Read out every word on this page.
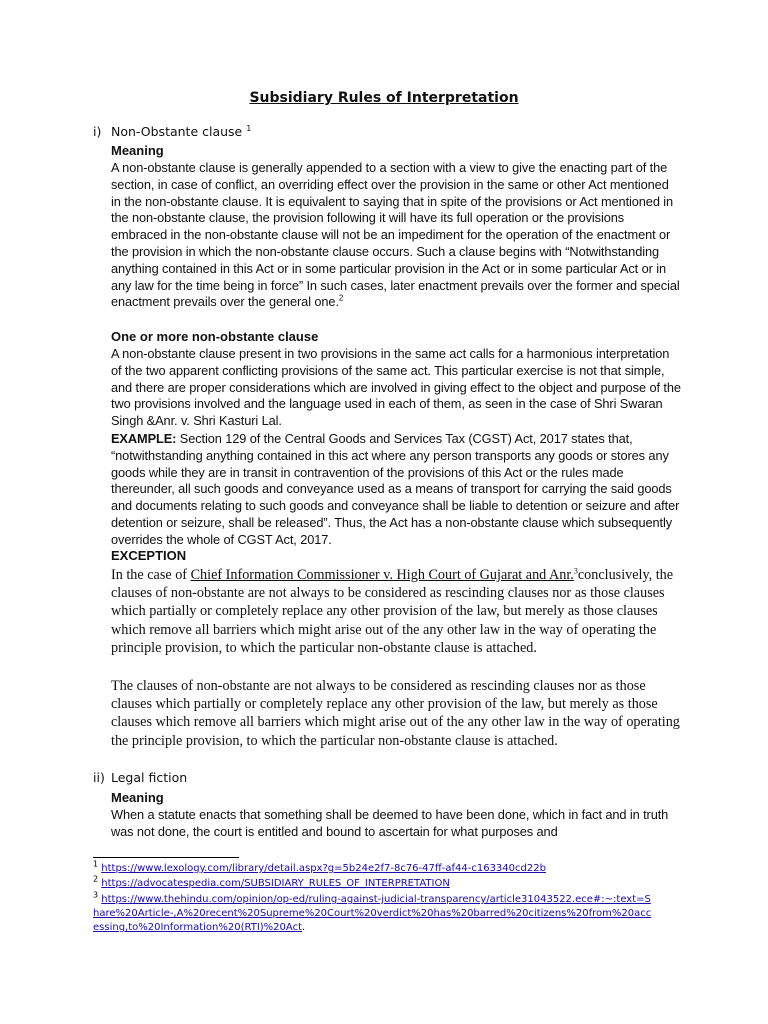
Subsidiary Rules of Interpretation
i) Non-Obstante clause $^1$
Meaning
A non-obstante clause is generally appended to a section with a view to give the enacting part of the section, in case of conflict, an overriding effect over the provision in the same or other Act mentioned in the non-obstante clause. It is equivalent to saying that in spite of the provisions or Act mentioned in the non-obstante clause, the provision following it will have its full operation or the provisions embraced in the non-obstante clause will not be an impediment for the operation of the enactment or the provision in which the non-obstante clause occurs. Such a clause begins with “Notwithstanding anything contained in this Act or in some particular provision in the Act or in some particular Act or in any law for the time being in force” In such cases, later enactment prevails over the former and special enactment prevails over the general one.$^2$
One or more non-obstante clause
A non-obstante clause present in two provisions in the same act calls for a harmonious interpretation of the two apparent conflicting provisions of the same act. This particular exercise is not that simple, and there are proper considerations which are involved in giving effect to the object and purpose of the two provisions involved and the language used in each of them, as seen in the case of Shri Swaran Singh &Anr. v. Shri Kasturi Lal.
EXAMPLE: Section 129 of the Central Goods and Services Tax (CGST) Act, 2017 states that, “notwithstanding anything contained in this act where any person transports any goods or stores any goods while they are in transit in contravention of the provisions of this Act or the rules made thereunder, all such goods and conveyance used as a means of transport for carrying the said goods and documents relating to such goods and conveyance shall be liable to detention or seizure and after detention or seizure, shall be released”. Thus, the Act has a non-obstante clause which subsequently overrides the whole of CGST Act, 2017.
EXCEPTION
In the case of Chief Information Commissioner v. High Court of Gujarat and Anr.$^3$conclusively, the clauses of non-obstante are not always to be considered as rescinding clauses nor as those clauses which partially or completely replace any other provision of the law, but merely as those clauses which remove all barriers which might arise out of the any other law in the way of operating the principle provision, to which the particular non-obstante clause is attached.
The clauses of non-obstante are not always to be considered as rescinding clauses nor as those clauses which partially or completely replace any other provision of the law, but merely as those clauses which remove all barriers which might arise out of the any other law in the way of operating the principle provision, to which the particular non-obstante clause is attached.
ii) Legal fiction
Meaning
When a statute enacts that something shall be deemed to have been done, which in fact and in truth was not done, the court is entitled and bound to ascertain for what purposes and
$^1$ https://www.lexology.com/library/detail.aspx?g=5b24e2f7-8c76-47ff-af44-c163340cd22b
$^2$ https://advocatespedia.com/SUBSIDIARY_RULES_OF_INTERPRETATION
$^3$ https://www.thehindu.com/opinion/op-ed/ruling-against-judicial-transparency/article31043522.ece#:~:text=Share%20Article-,A%20recent%20Supreme%20Court%20verdict%20has%20barred%20citizens%20from%20accessing,to%20Information%20(RTI)%20Act.
